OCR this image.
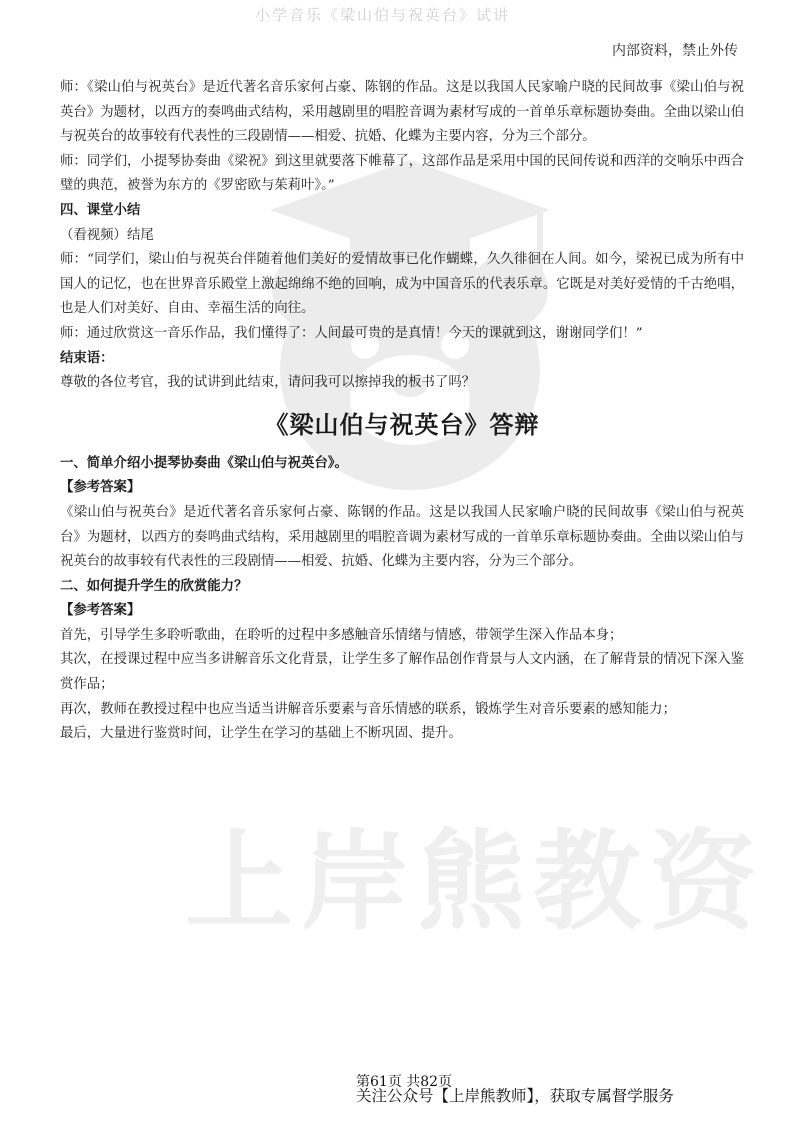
上岸熊教资
小学音乐《梁山伯与祝英台》试讲
内部资料，禁止外传

师：《梁山伯与祝英台》是近代著名音乐家何占豪、陈钢的作品。这是以我国人民家喻户晓的民间故事《梁山伯与祝英台》为题材，以西方的奏鸣曲式结构，采用越剧里的唱腔音调为素材写成的一首单乐章标题协奏曲。全曲以梁山伯与祝英台的故事较有代表性的三段剧情——相爱、抗婚、化蝶为主要内容，分为三个部分。

师：同学们，小提琴协奏曲《梁祝》到这里就要落下帷幕了，这部作品是采用中国的民间传说和西洋的交响乐中西合璧的典范，被誉为东方的《罗密欧与茱莉叶》。”

四、课堂小结

（看视频）结尾

师：“同学们，梁山伯与祝英台伴随着他们美好的爱情故事已化作蝴蝶，久久徘徊在人间。如今，梁祝已成为所有中国人的记忆，也在世界音乐殿堂上激起绵绵不绝的回响，成为中国音乐的代表乐章。它既是对美好爱情的千古绝唱，也是人们对美好、自由、幸福生活的向往。

师：通过欣赏这一音乐作品，我们懂得了：人间最可贵的是真情！今天的课就到这，谢谢同学们！”

结束语：

尊敬的各位考官，我的试讲到此结束，请问我可以擦掉我的板书了吗？

《梁山伯与祝英台》答辩

一、简单介绍小提琴协奏曲《梁山伯与祝英台》。

【参考答案】

《梁山伯与祝英台》是近代著名音乐家何占豪、陈钢的作品。这是以我国人民家喻户晓的民间故事《梁山伯与祝英台》为题材，以西方的奏鸣曲式结构，采用越剧里的唱腔音调为素材写成的一首单乐章标题协奏曲。全曲以梁山伯与祝英台的故事较有代表性的三段剧情——相爱、抗婚、化蝶为主要内容，分为三个部分。

二、如何提升学生的欣赏能力？

【参考答案】

首先，引导学生多聆听歌曲，在聆听的过程中多感触音乐情绪与情感，带领学生深入作品本身；

其次，在授课过程中应当多讲解音乐文化背景，让学生多了解作品创作背景与人文内涵，在了解背景的情况下深入鉴赏作品；

再次，教师在教授过程中也应当适当讲解音乐要素与音乐情感的联系，锻炼学生对音乐要素的感知能力；

最后，大量进行鉴赏时间，让学生在学习的基础上不断巩固、提升。

第61页 共82页
关注公众号【上岸熊教师】，获取专属督学服务
